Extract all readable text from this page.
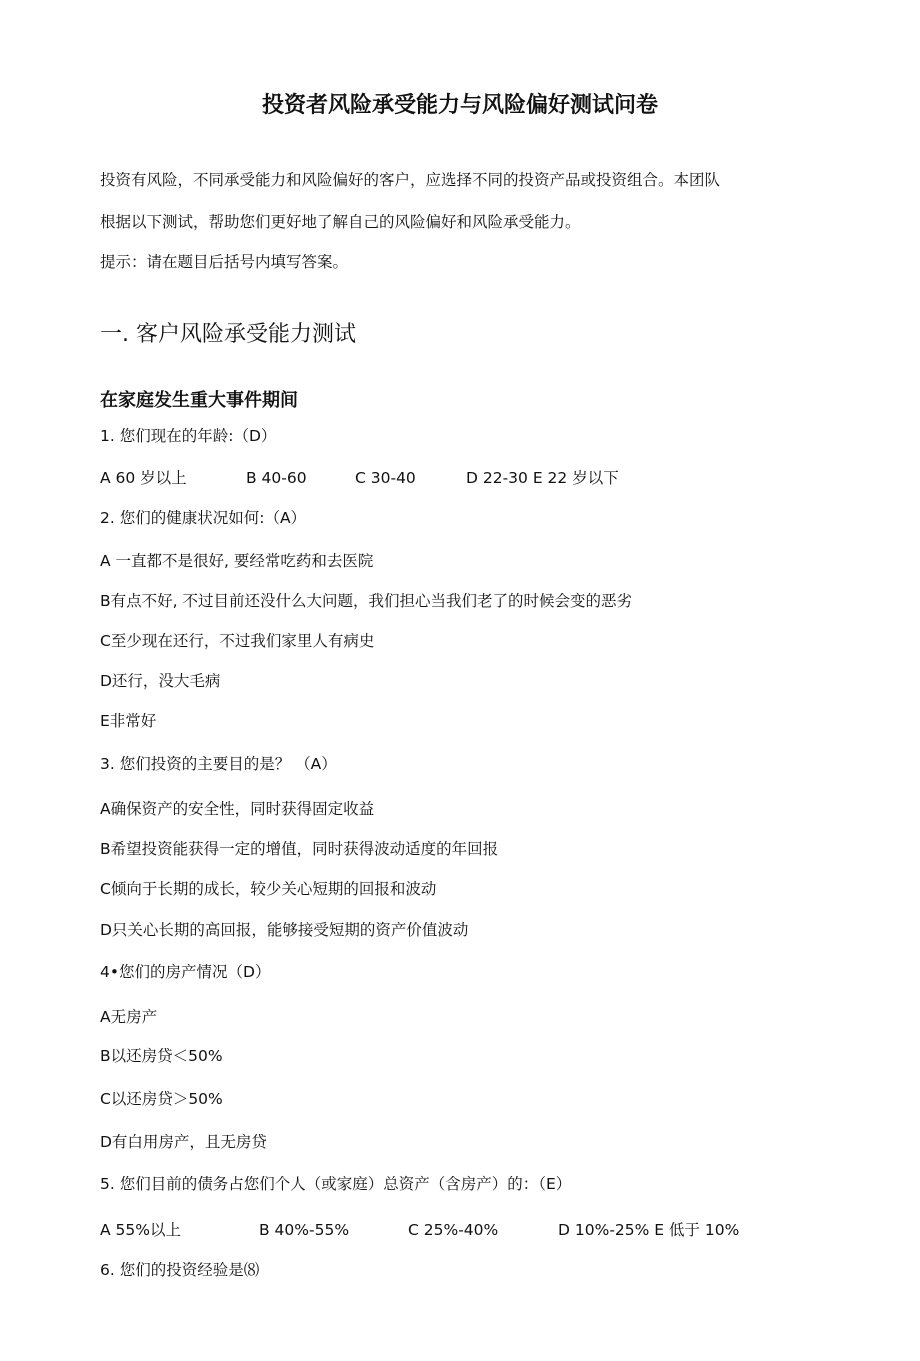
投资者风险承受能力与风险偏好测试问卷
投资有风险，不同承受能力和风险偏好的客户，应选择不同的投资产品或投资组合。本团队
根据以下测试，帮助您们更好地了解自己的风险偏好和风险承受能力。
提示：请在题目后括号内填写答案。
一. 客户风险承受能力测试
在家庭发生重大事件期间
1. 您们现在的年龄:（D）
A 60 岁以上	B 40-60	C 30-40	D 22-30 E 22 岁以下
2. 您们的健康状况如何:（A）
A 一直都不是很好, 要经常吃药和去医院
B有点不好, 不过目前还没什么大问题，我们担心当我们老了的时候会变的恶劣
C至少现在还行，不过我们家里人有病史
D还行，没大毛病
E非常好
3. 您们投资的主要目的是？ （A）
A确保资产的安全性，同时获得固定收益
B希望投资能获得一定的增值，同时获得波动适度的年回报
C倾向于长期的成长，较少关心短期的回报和波动
D只关心长期的高回报，能够接受短期的资产价值波动
4•您们的房产情况（D）
A无房产
B以还房贷＜50%
C以还房贷＞50%
D有白用房产，且无房贷
5. 您们目前的债务占您们个人（或家庭）总资产（含房产）的：（E）
A 55%以上	B 40%-55%	C 25%-40%	D 10%-25% E 低于 10%
6. 您们的投资经验是⑻
